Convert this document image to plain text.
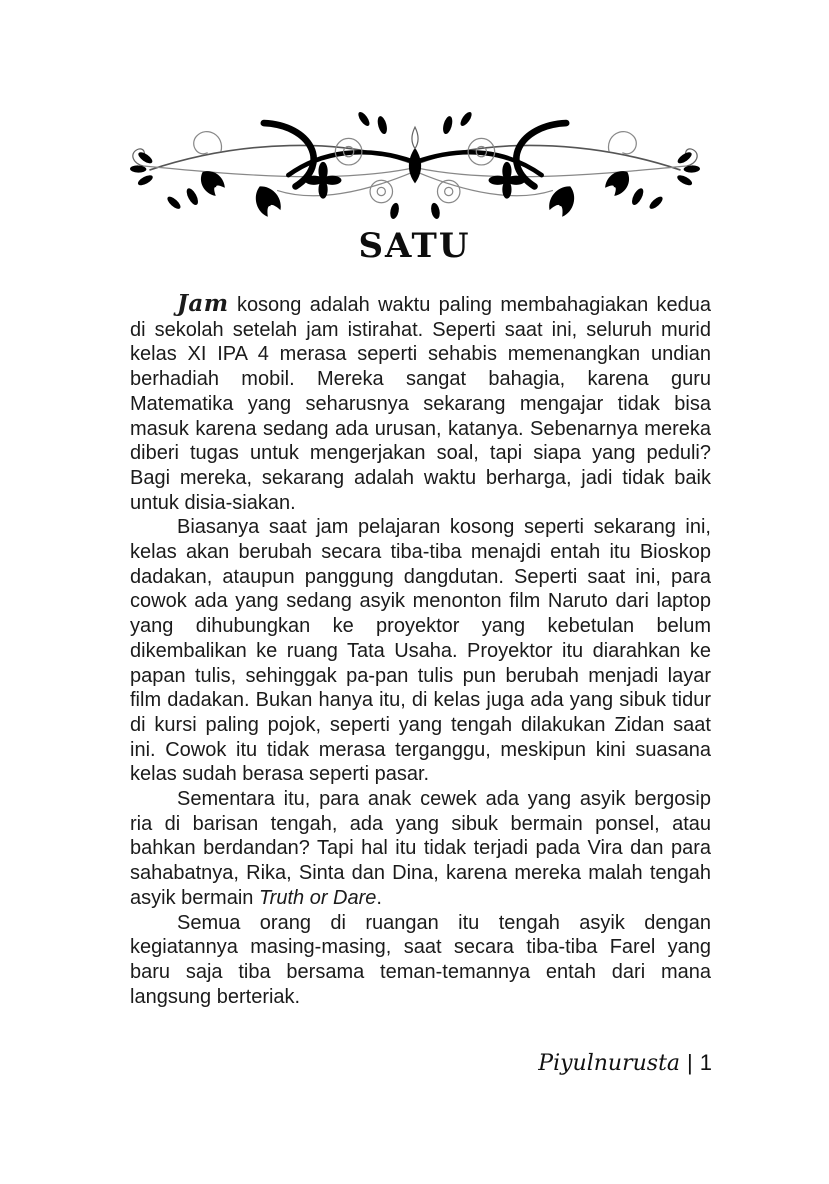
SATU

Jam kosong adalah waktu paling membahagiakan kedua di sekolah setelah jam istirahat. Seperti saat ini, seluruh murid kelas XI IPA 4 merasa seperti sehabis memenangkan undian berhadiah mobil. Mereka sangat bahagia, karena guru Matematika yang seharusnya sekarang mengajar tidak bisa masuk karena sedang ada urusan, katanya. Sebenarnya mereka diberi tugas untuk mengerjakan soal, tapi siapa yang peduli? Bagi mereka, sekarang adalah waktu berharga, jadi tidak baik untuk disia-siakan.

Biasanya saat jam pelajaran kosong seperti sekarang ini, kelas akan berubah secara tiba-tiba menajdi entah itu Bioskop dadakan, ataupun panggung dangdutan. Seperti saat ini, para cowok ada yang sedang asyik menonton film Naruto dari laptop yang dihubungkan ke proyektor yang kebetulan belum dikembalikan ke ruang Tata Usaha. Proyektor itu diarahkan ke papan tulis, sehinggak pa-pan tulis pun berubah menjadi layar film dadakan. Bukan hanya itu, di kelas juga ada yang sibuk tidur di kursi paling pojok, seperti yang tengah dilakukan Zidan saat ini. Cowok itu tidak merasa terganggu, meskipun kini suasana kelas sudah berasa seperti pasar.

Sementara itu, para anak cewek ada yang asyik bergosip ria di barisan tengah, ada yang sibuk bermain ponsel, atau bahkan berdandan? Tapi hal itu tidak terjadi pada Vira dan para sahabatnya, Rika, Sinta dan Dina, karena mereka malah tengah asyik bermain Truth or Dare.

Semua orang di ruangan itu tengah asyik dengan kegiatannya masing-masing, saat secara tiba-tiba Farel yang baru saja tiba bersama teman-temannya entah dari mana langsung berteriak.

Piyulnurusta | 1
